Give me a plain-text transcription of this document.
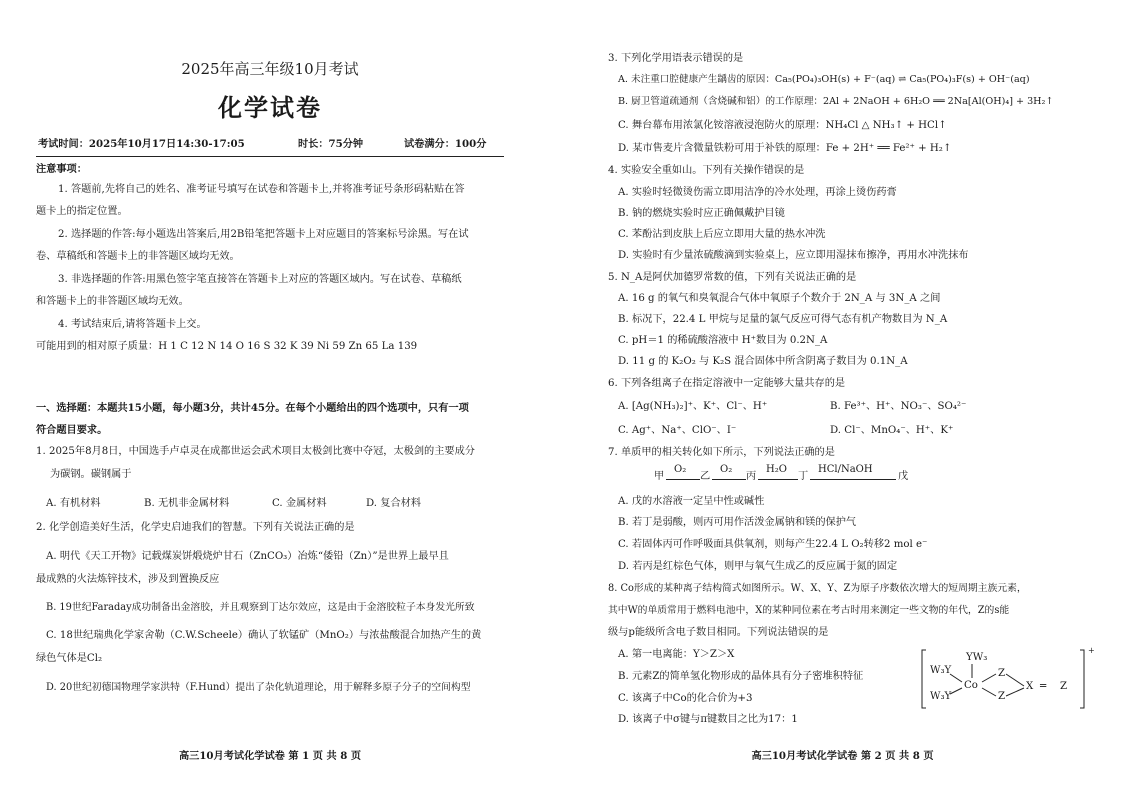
2025年高三年级10月考试
化学试卷
考试时间：2025年10月17日14:30-17:05	时长：75分钟	试卷满分：100分
注意事项：
1. 答题前,先将自己的姓名、准考证号填写在试卷和答题卡上,并将准考证号条形码粘贴在答
题卡上的指定位置。
2. 选择题的作答:每小题选出答案后,用2B铅笔把答题卡上对应题目的答案标号涂黑。写在试
卷、草稿纸和答题卡上的非答题区域均无效。
3. 非选择题的作答:用黑色签字笔直接答在答题卡上对应的答题区域内。写在试卷、草稿纸
和答题卡上的非答题区域均无效。
4. 考试结束后,请将答题卡上交。
可能用到的相对原子质量：H 1 C 12 N 14 O 16 S 32 K 39 Ni 59 Zn 65 La 139
一、选择题：本题共15小题，每小题3分，共计45分。在每个小题给出的四个选项中，只有一项
符合题目要求。
1. 2025年8月8日，中国选手卢卓灵在成都世运会武术项目太极剑比赛中夺冠，太极剑的主要成分
为碳钢。碳钢属于
A. 有机材料	B. 无机非金属材料	C. 金属材料	D. 复合材料
2. 化学创造美好生活，化学史启迪我们的智慧。下列有关说法正确的是
A. 明代《天工开物》记载煤炭饼煅烧炉甘石（ZnCO₃）冶炼“倭铅（Zn）”是世界上最早且
最成熟的火法炼锌技术，涉及到置换反应
B. 19世纪Faraday成功制备出金溶胶，并且观察到丁达尔效应，这是由于金溶胶粒子本身发光所致
C. 18世纪瑞典化学家舍勒（C.W.Scheele）确认了软锰矿（MnO₂）与浓盐酸混合加热产生的黄
绿色气体是Cl₂
D. 20世纪初德国物理学家洪特（F.Hund）提出了杂化轨道理论，用于解释多原子分子的空间构型
高三10月考试化学试卷 第 1 页 共 8 页
3. 下列化学用语表示错误的是
A. 未注重口腔健康产生龋齿的原因：Ca₅(PO₄)₃OH(s) + F⁻(aq) ⇌ Ca₅(PO₄)₃F(s) + OH⁻(aq)
B. 厨卫管道疏通剂（含烧碱和铝）的工作原理：2Al + 2NaOH + 6H₂O ══ 2Na[Al(OH)₄] + 3H₂↑
C. 舞台幕布用浓氯化铵溶液浸泡防火的原理：NH₄Cl △ NH₃↑ + HCl↑
D. 某市售麦片含微量铁粉可用于补铁的原理：Fe + 2H⁺ ══ Fe²⁺ + H₂↑
4. 实验安全重如山。下列有关操作错误的是
A. 实验时轻微烫伤需立即用洁净的冷水处理，再涂上烫伤药膏
B. 钠的燃烧实验时应正确佩戴护目镜
C. 苯酚沾到皮肤上后应立即用大量的热水冲洗
D. 实验时有少量浓硫酸滴到实验桌上，应立即用湿抹布擦净，再用水冲洗抹布
5. N_A是阿伏加德罗常数的值，下列有关说法正确的是
A. 16 g 的氧气和臭氧混合气体中氧原子个数介于 2N_A 与 3N_A 之间
B. 标况下，22.4 L 甲烷与足量的氯气反应可得气态有机产物数目为 N_A
C. pH＝1 的稀硫酸溶液中 H⁺数目为 0.2N_A
D. 11 g 的 K₂O₂ 与 K₂S 混合固体中所含阴离子数目为 0.1N_A
6. 下列各组离子在指定溶液中一定能够大量共存的是
A. [Ag(NH₃)₂]⁺、K⁺、Cl⁻、H⁺	B. Fe³⁺、H⁺、NO₃⁻、SO₄²⁻
C. Ag⁺、Na⁺、ClO⁻、I⁻	D. Cl⁻、MnO₄⁻、H⁺、K⁺
7. 单质甲的相关转化如下所示，下列说法正确的是
甲
O₂
乙
O₂
丙
H₂O
丁
HCl/NaOH
戊
A. 戊的水溶液一定呈中性或碱性
B. 若丁是弱酸，则丙可用作活泼金属钠和镁的保护气
C. 若固体丙可作呼吸面具供氧剂，则每产生22.4 L O₂转移2 mol e⁻
D. 若丙是红棕色气体，则甲与氧气生成乙的反应属于氮的固定
8. Co形成的某种离子结构简式如图所示。W、X、Y、Z为原子序数依次增大的短周期主族元素，
其中W的单质常用于燃料电池中，X的某种同位素在考古时用来测定一些文物的年代，Z的s能
级与p能级所含电子数目相同。下列说法错误的是
A. 第一电离能：Y＞Z＞X
B. 元素Z的简单氢化物形成的晶体具有分子密堆积特征
C. 该离子中Co的化合价为+3
D. 该离子中σ键与π键数目之比为17：1
YW₃
W₃Y
W₃Y
Co
Z
Z
X ═ Z
+
高三10月考试化学试卷 第 2 页 共 8 页
